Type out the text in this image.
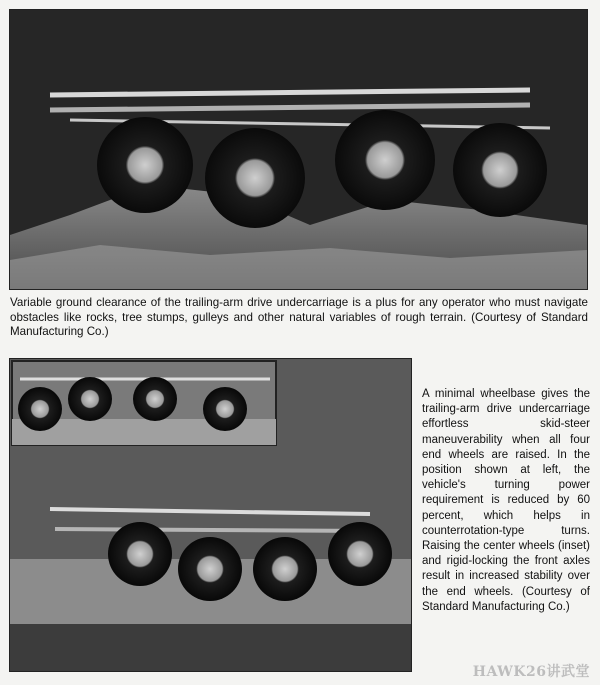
Variable ground clearance of the trailing-arm drive undercarriage is a plus for any operator who must navigate obstacles like rocks, tree stumps, gulleys and other natural variables of rough terrain. (Courtesy of Standard Manufacturing Co.)

A minimal wheelbase gives the trailing-arm drive undercarriage effortless skid-steer maneuverability when all four end wheels are raised. In the position shown at left, the vehicle's turning power requirement is reduced by 60 percent, which helps in counterrotation-type turns. Raising the center wheels (inset) and rigid-locking the front axles result in increased stability over the end wheels. (Courtesy of Standard Manufacturing Co.)

HAWK26讲武堂
